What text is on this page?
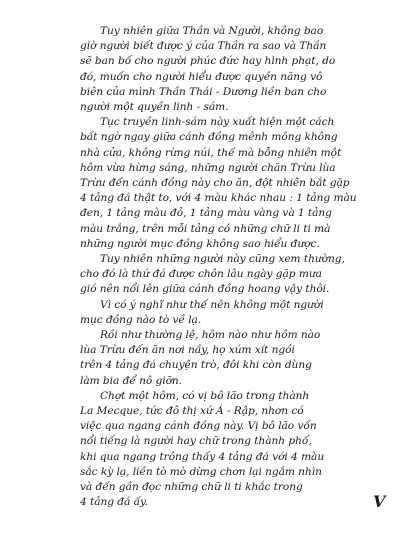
Tuy nhiên giữa Thần và Người, không bao
giờ người biết được ý của Thần ra sao và Thần
sẽ ban bố cho người phúc đức hay hình phạt, do
đó, muốn cho người hiểu được quyền năng vô
biên của mình Thần Thái - Dương liền ban cho
người một quyền linh - sám.

Tục truyền linh-sám này xuất hiện một cách
bất ngờ ngay giữa cánh đồng mênh mông không
nhà cửa, không rừng núi, thế mà bỗng nhiên một
hôm vừa hừng sáng, những người chăn Trừu lùa
Trừu đến cánh đồng này cho ăn, đột nhiên bắt gặp
4 tảng đá thật to, với 4 màu khác nhau : 1 tảng màu
đen, 1 tảng màu đỏ, 1 tảng màu vàng và 1 tảng
màu trắng, trên mỗi tảng có những chữ li ti mà
những người mục đồng không sao hiểu được.

Tuy nhiên những người này cũng xem thường,
cho đó là thứ đá được chôn lâu ngày gặp mưa
gió nên nổi lên giữa cánh đồng hoang vậy thôi.
Vì có ý nghĩ như thế nên không một người
mục đồng nào tò về lạ.

Rồi như thường lệ, hôm nào như hôm nào
lùa Trừu đến ăn nơi nầy, họ xúm xít ngồi
trên 4 tảng đá chuyện trò, đôi khi còn dùng
làm bia để nô giỡn.

Chợt một hôm, có vị bô lão trong thành
La Mecque, tức đô thị xứ Á - Rập, nhơn có
việc qua ngang cánh đồng này. Vị bô lão vốn
nổi tiếng là người hay chữ trong thành phố,
khi qua ngang trông thấy 4 tảng đá với 4 màu
sắc kỳ lạ, liền tò mò dừng chơn lại ngắm nhìn
và đến gần đọc những chữ li ti khắc trong
4 tảng đá ấy.	V
